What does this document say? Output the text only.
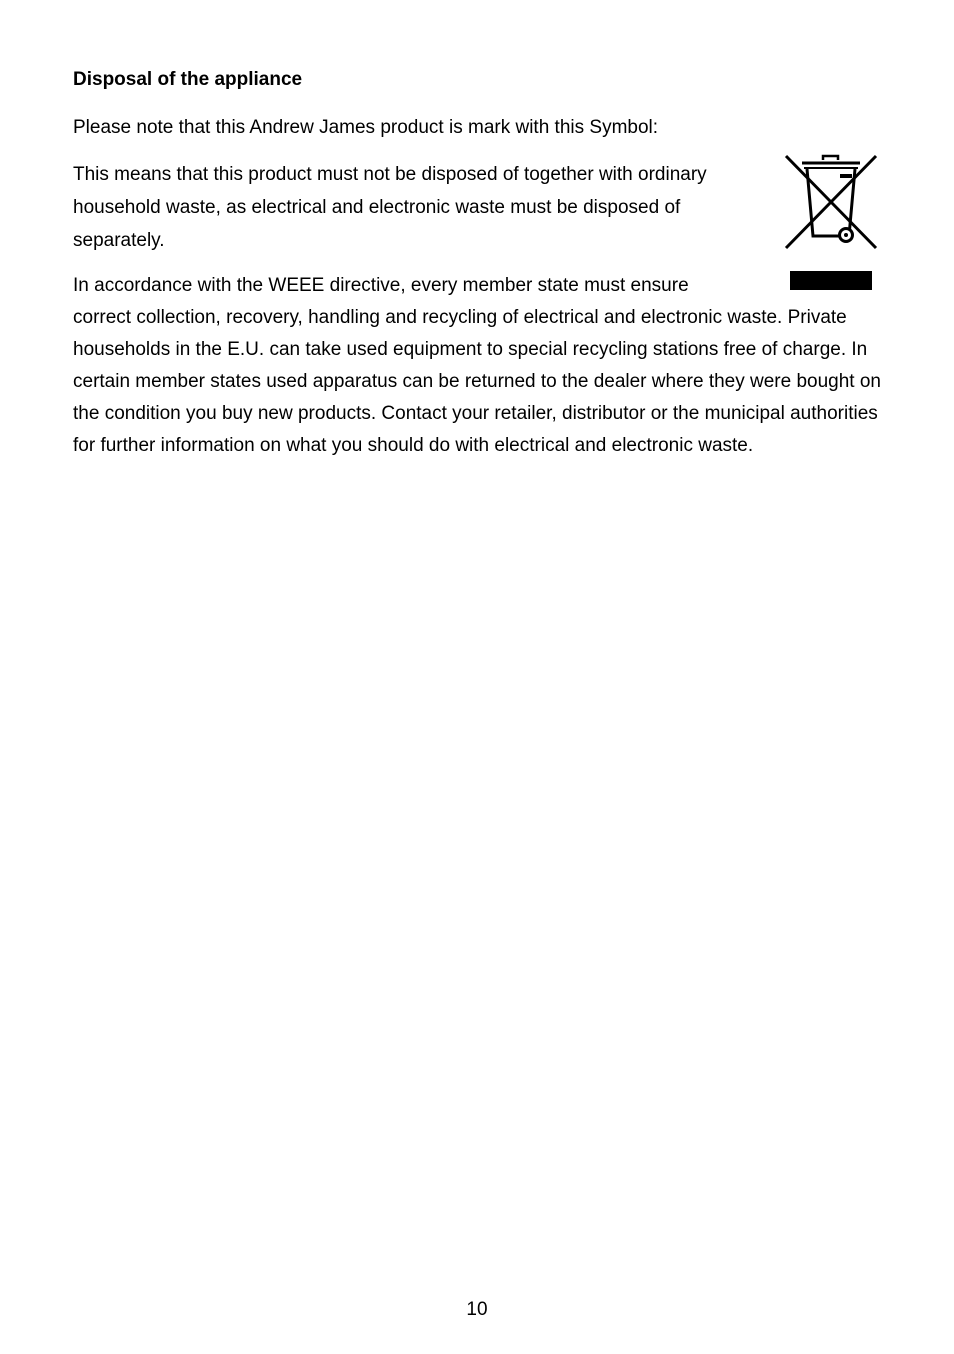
Disposal of the appliance

Please note that this Andrew James product is mark with this Symbol:

This means that this product must not be disposed of together with ordinary household waste, as electrical and electronic waste must be disposed of separately.

In accordance with the WEEE directive, every member state must ensure

correct collection, recovery, handling and recycling of electrical and electronic waste. Private households in the E.U. can take used equipment to special recycling stations free of charge. In certain member states used apparatus can be returned to the dealer where they were bought on the condition you buy new products. Contact your retailer, distributor or the municipal authorities for further information on what you should do with electrical and electronic waste.

10
